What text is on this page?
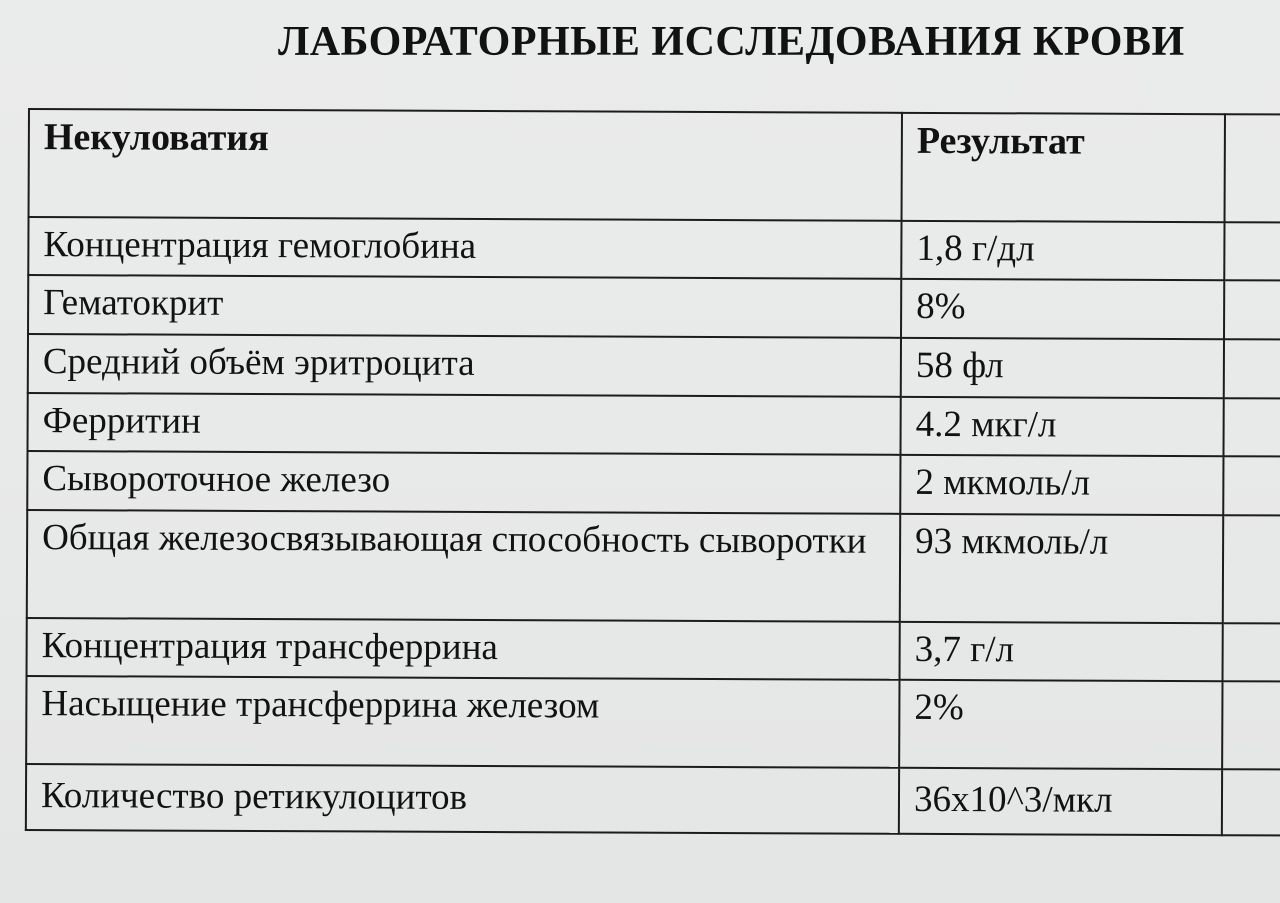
ЛАБОРАТОРНЫЕ ИССЛЕДОВАНИЯ КРОВИ
Некуловатия	Результат	
Концентрация гемоглобина	1,8 г/дл	
Гематокрит	8%	
Средний объём эритроцита	58 фл	
Ферритин	4.2 мкг/л	
Сывороточное железо	2 мкмоль/л	
Общая железосвязывающая способность сыворотки	93 мкмоль/л	
Концентрация трансферрина	3,7 г/л	
Насыщение трансферрина железом	2%	
Количество ретикулоцитов	36x10^3/мкл	
